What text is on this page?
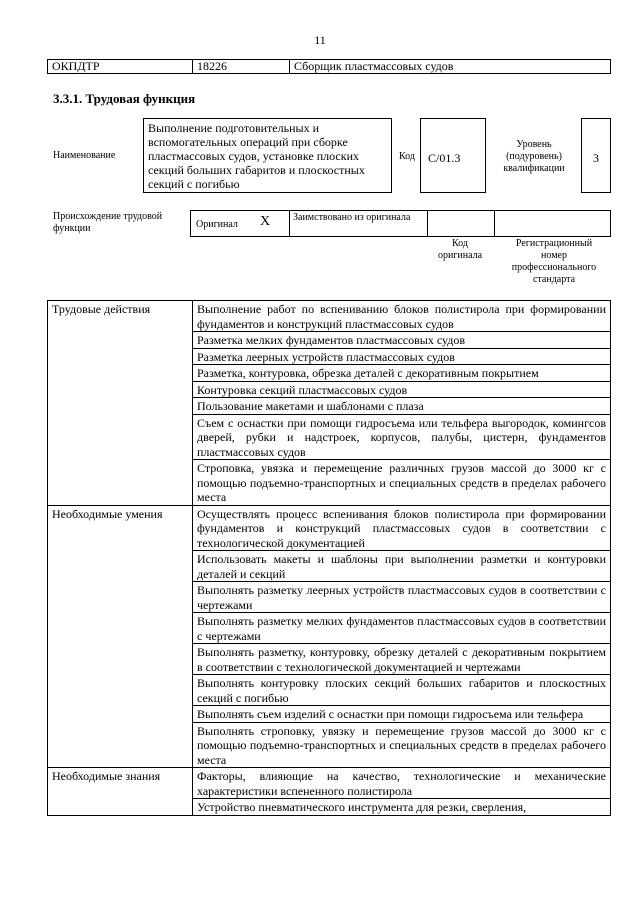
11
ОКПДТР	18226	Сборщик пластмассовых судов
3.3.1. Трудовая функция
Наименование
Выполнение подготовительных и вспомогательных операций при сборке пластмассовых судов, установке плоских секций больших габаритов и плоскостных секций с погибью
Код	С/01.3
Уровень (подуровень) квалификации
3
Происхождение трудовой функции	Оригинал X Заимствовано из оригинала
Код оригинала
Регистрационный номер профессионального стандарта
Трудовые действия	Выполнение работ по вспениванию блоков полистирола при формировании фундаментов и конструкций пластмассовых судов
	Разметка мелких фундаментов пластмассовых судов
	Разметка леерных устройств пластмассовых судов
	Разметка, контуровка, обрезка деталей с декоративным покрытием
	Контуровка секций пластмассовых судов
	Пользование макетами и шаблонами с плаза
	Съем с оснастки при помощи гидросъема или тельфера выгородок, комингсов дверей, рубки и надстроек, корпусов, палубы, цистерн, фундаментов пластмассовых судов
	Строповка, увязка и перемещение различных грузов массой до 3000 кг с помощью подъемно-транспортных и специальных средств в пределах рабочего места
Необходимые умения	Осуществлять процесс вспенивания блоков полистирола при формировании фундаментов и конструкций пластмассовых судов в соответствии с технологической документацией
	Использовать макеты и шаблоны при выполнении разметки и контуровки деталей и секций
	Выполнять разметку леерных устройств пластмассовых судов в соответствии с чертежами
	Выполнять разметку мелких фундаментов пластмассовых судов в соответствии с чертежами
	Выполнять разметку, контуровку, обрезку деталей с декоративным покрытием в соответствии с технологической документацией и чертежами
	Выполнять контуровку плоских секций больших габаритов и плоскостных секций с погибью
	Выполнять съем изделий с оснастки при помощи гидросъема или тельфера
	Выполнять строповку, увязку и перемещение грузов массой до 3000 кг с помощью подъемно-транспортных и специальных средств в пределах рабочего места
Необходимые знания	Факторы, влияющие на качество, технологические и механические характеристики вспененного полистирола
	Устройство пневматического инструмента для резки, сверления,
